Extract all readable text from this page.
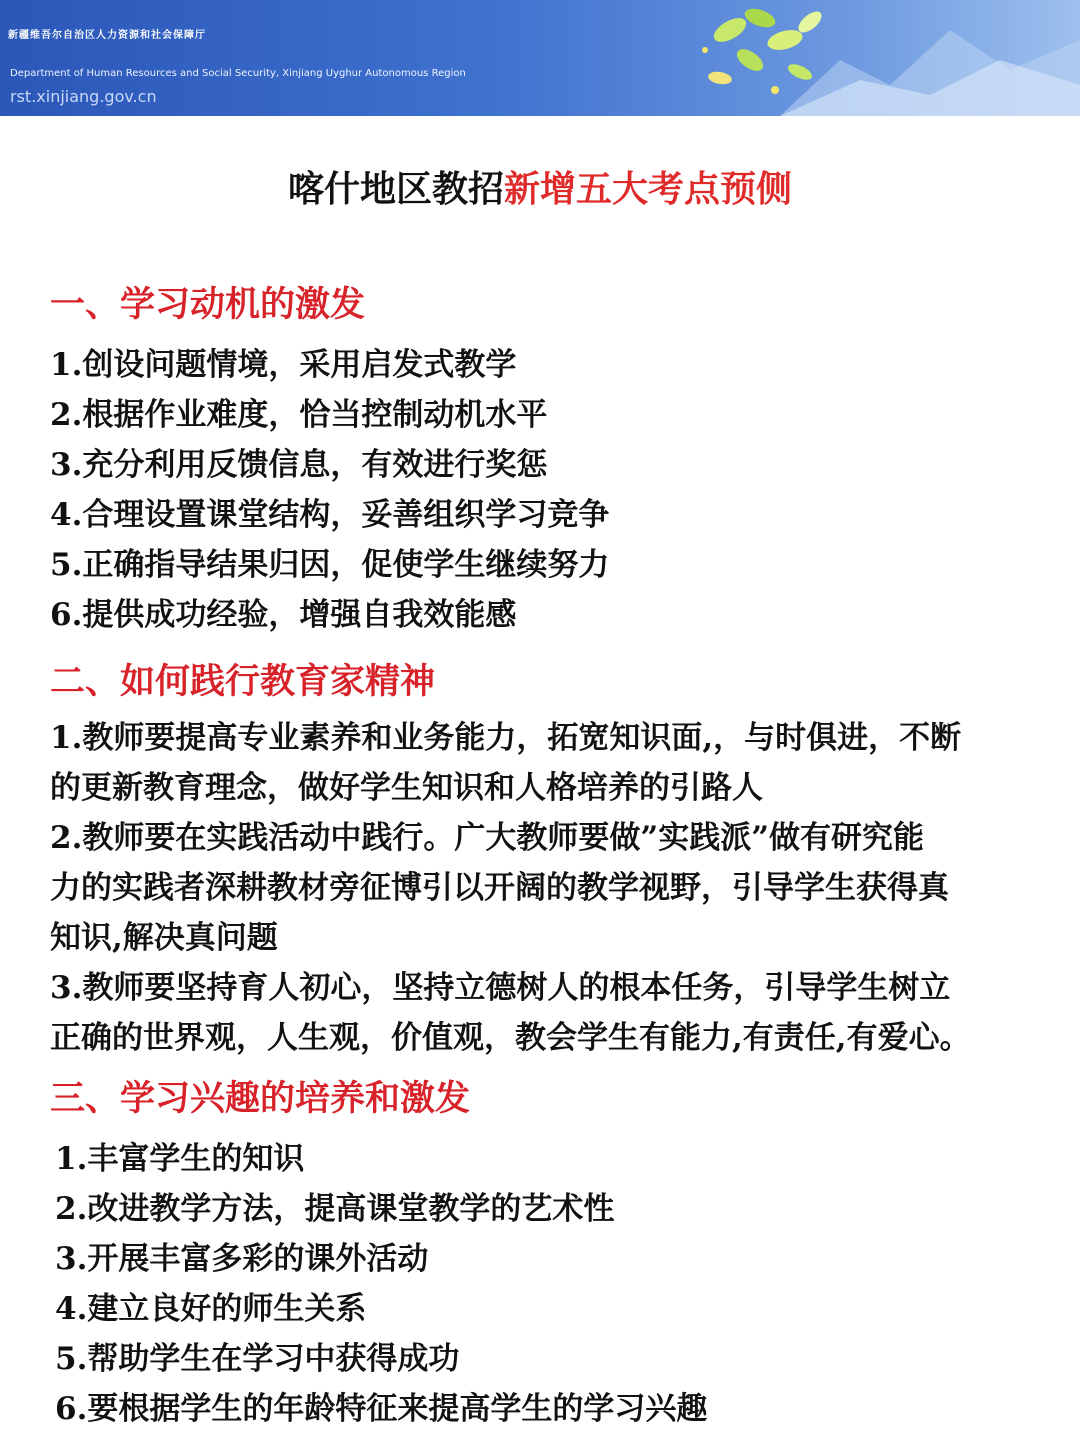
新疆维吾尔自治区人力资源和社会保障厅
Department of Human Resources and Social Security, Xinjiang Uyghur Autonomous Region
rst.xinjiang.gov.cn
喀什地区教招新增五大考点预侧
一、学习动机的激发
1.创设问题情境，采用启发式教学
2.根据作业难度，恰当控制动机水平
3.充分利用反馈信息，有效进行奖惩
4.合理设置课堂结构，妥善组织学习竞争
5.正确指导结果归因，促使学生继续努力
6.提供成功经验，增强自我效能感
二、如何践行教育家精神
1.教师要提高专业素养和业务能力，拓宽知识面,，与时俱进，不断
的更新教育理念，做好学生知识和人格培养的引路人
2.教师要在实践活动中践行。广大教师要做”实践派”做有研究能
力的实践者深耕教材旁征博引以开阔的教学视野，引导学生获得真
知识,解决真问题
3.教师要坚持育人初心，坚持立德树人的根本任务，引导学生树立
正确的世界观，人生观，价值观，教会学生有能力,有责任,有爱心。
三、学习兴趣的培养和激发
1.丰富学生的知识
2.改进教学方法，提高课堂教学的艺术性
3.开展丰富多彩的课外活动
4.建立良好的师生关系
5.帮助学生在学习中获得成功
6.要根据学生的年龄特征来提高学生的学习兴趣
